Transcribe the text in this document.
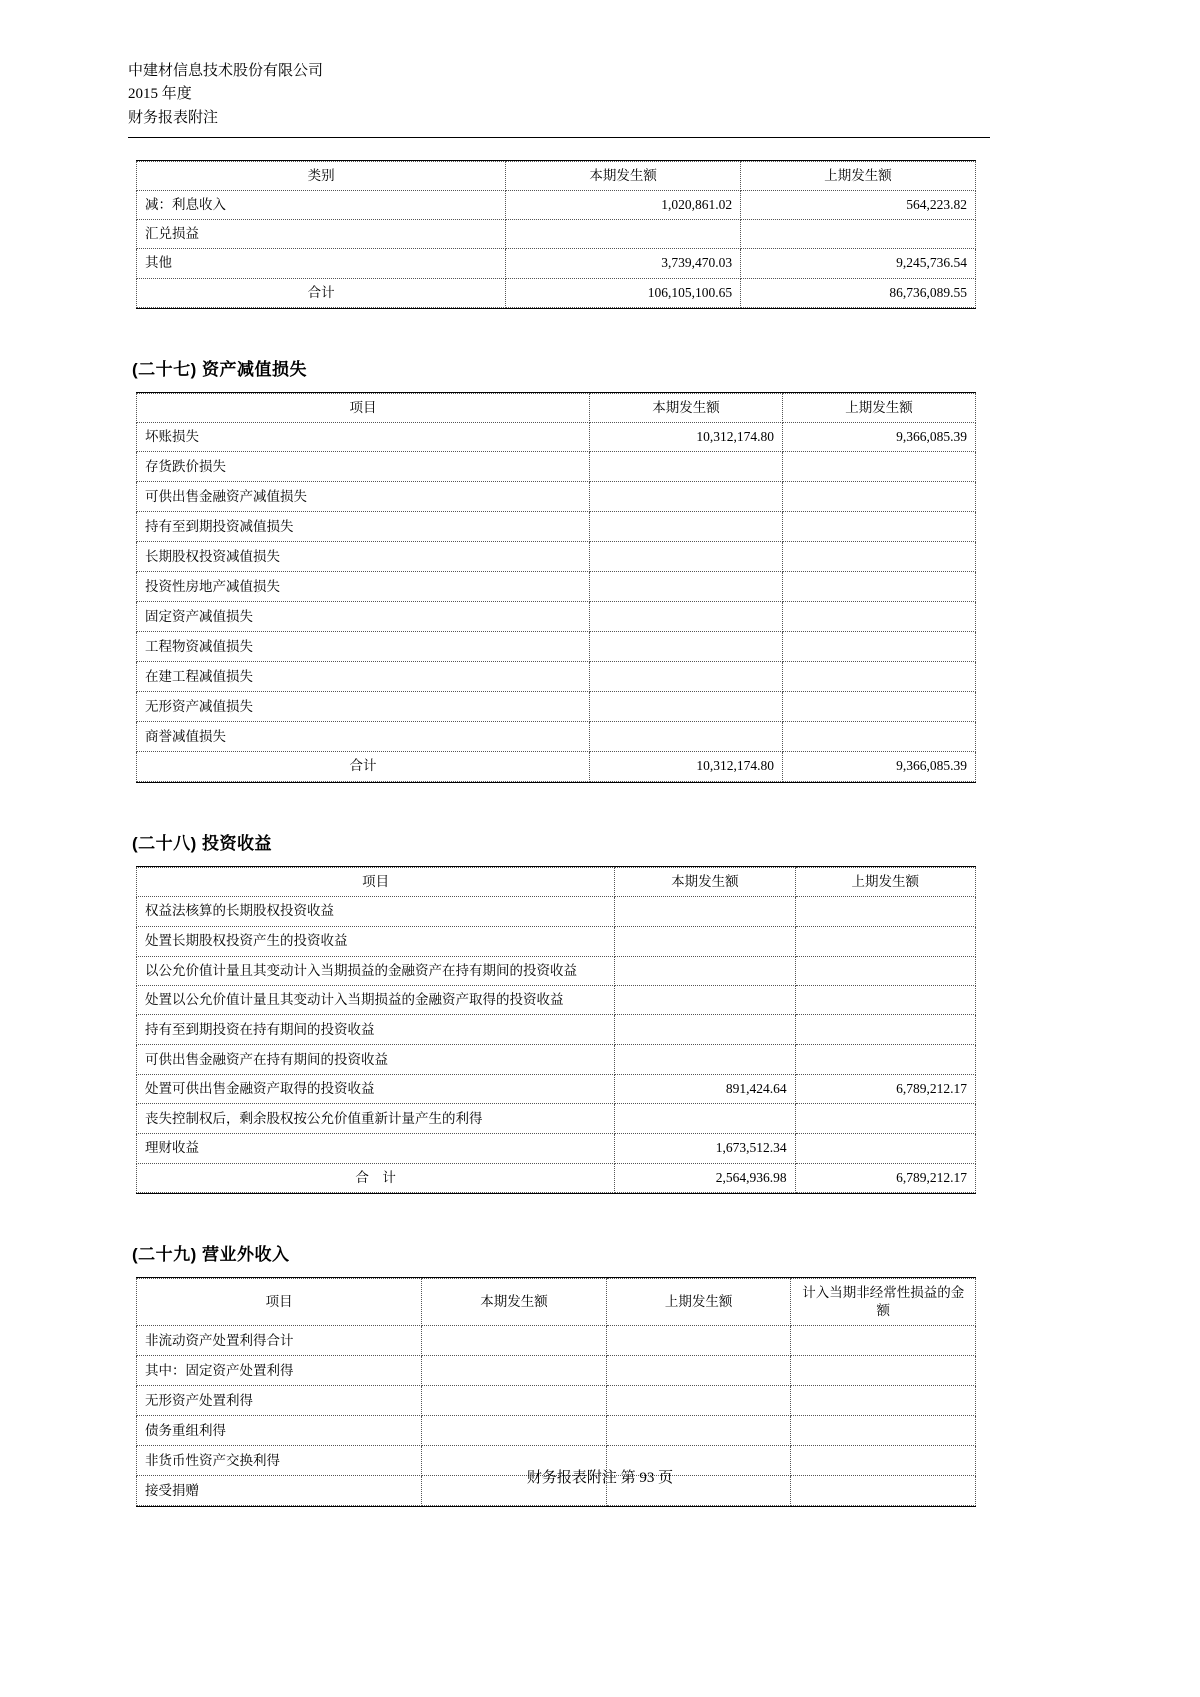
中建材信息技术股份有限公司
2015 年度
财务报表附注
类别	本期发生额	上期发生额
减：利息收入	1,020,861.02	564,223.82
汇兑损益		
其他	3,739,470.03	9,245,736.54
合计	106,105,100.65	86,736,089.55
(二十七) 资产减值损失
项目	本期发生额	上期发生额
坏账损失	10,312,174.80	9,366,085.39
存货跌价损失		
可供出售金融资产减值损失		
持有至到期投资减值损失		
长期股权投资减值损失		
投资性房地产减值损失		
固定资产减值损失		
工程物资减值损失		
在建工程减值损失		
无形资产减值损失		
商誉减值损失		
合计	10,312,174.80	9,366,085.39
(二十八) 投资收益
项目	本期发生额	上期发生额
权益法核算的长期股权投资收益		
处置长期股权投资产生的投资收益		
以公允价值计量且其变动计入当期损益的金融资产在持有期间的投资收益		
处置以公允价值计量且其变动计入当期损益的金融资产取得的投资收益		
持有至到期投资在持有期间的投资收益		
可供出售金融资产在持有期间的投资收益		
处置可供出售金融资产取得的投资收益	891,424.64	6,789,212.17
丧失控制权后，剩余股权按公允价值重新计量产生的利得		
理财收益	1,673,512.34	
合　计	2,564,936.98	6,789,212.17
(二十九) 营业外收入
项目	本期发生额	上期发生额	计入当期非经常性损益的金额
非流动资产处置利得合计			
其中：固定资产处置利得			
无形资产处置利得			
债务重组利得			
非货币性资产交换利得			
接受捐赠			
财务报表附注 第 93 页
